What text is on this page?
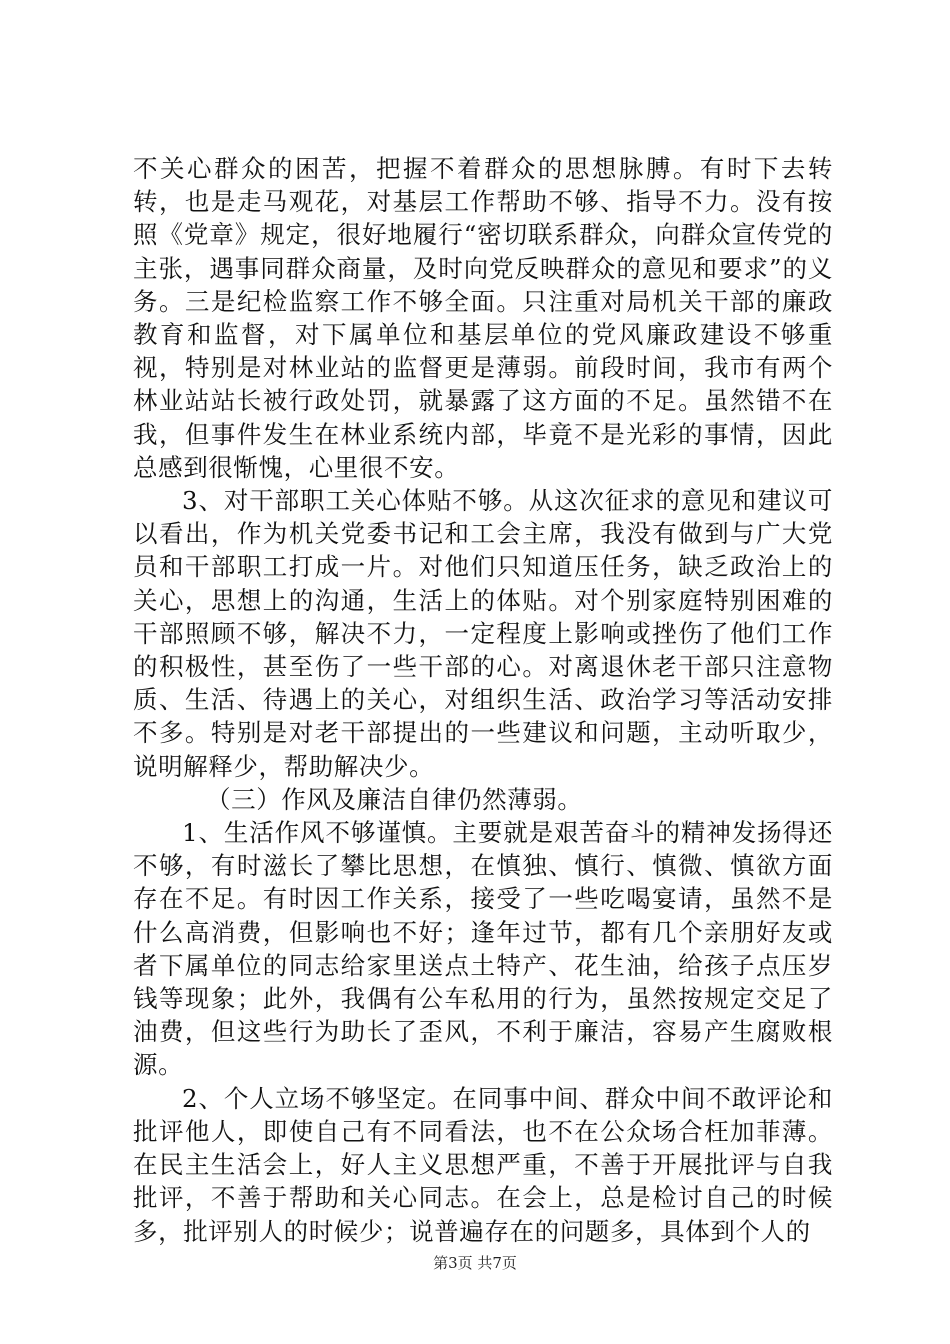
不关心群众的困苦，把握不着群众的思想脉膊。有时下去转转，也是走马观花，对基层工作帮助不够、指导不力。没有按照《党章》规定，很好地履行“密切联系群众，向群众宣传党的主张，遇事同群众商量，及时向党反映群众的意见和要求”的义务。三是纪检监察工作不够全面。只注重对局机关干部的廉政教育和监督，对下属单位和基层单位的党风廉政建设不够重视，特别是对林业站的监督更是薄弱。前段时间，我市有两个林业站站长被行政处罚，就暴露了这方面的不足。虽然错不在我，但事件发生在林业系统内部，毕竟不是光彩的事情，因此总感到很惭愧，心里很不安。

3、对干部职工关心体贴不够。从这次征求的意见和建议可以看出，作为机关党委书记和工会主席，我没有做到与广大党员和干部职工打成一片。对他们只知道压任务，缺乏政治上的关心，思想上的沟通，生活上的体贴。对个别家庭特别困难的干部照顾不够，解决不力，一定程度上影响或挫伤了他们工作的积极性，甚至伤了一些干部的心。对离退休老干部只注意物质、生活、待遇上的关心，对组织生活、政治学习等活动安排不多。特别是对老干部提出的一些建议和问题，主动听取少，说明解释少，帮助解决少。

（三）作风及廉洁自律仍然薄弱。

1、生活作风不够谨慎。主要就是艰苦奋斗的精神发扬得还不够，有时滋长了攀比思想，在慎独、慎行、慎微、慎欲方面存在不足。有时因工作关系，接受了一些吃喝宴请，虽然不是什么高消费，但影响也不好；逢年过节，都有几个亲朋好友或者下属单位的同志给家里送点土特产、花生油，给孩子点压岁钱等现象；此外，我偶有公车私用的行为，虽然按规定交足了油费，但这些行为助长了歪风，不利于廉洁，容易产生腐败根源。

2、个人立场不够坚定。在同事中间、群众中间不敢评论和批评他人，即使自己有不同看法，也不在公众场合枉加菲薄。在民主生活会上，好人主义思想严重，不善于开展批评与自我批评，不善于帮助和关心同志。在会上，总是检讨自己的时候多，批评别人的时候少；说普遍存在的问题多，具体到个人的

第3页 共7页
